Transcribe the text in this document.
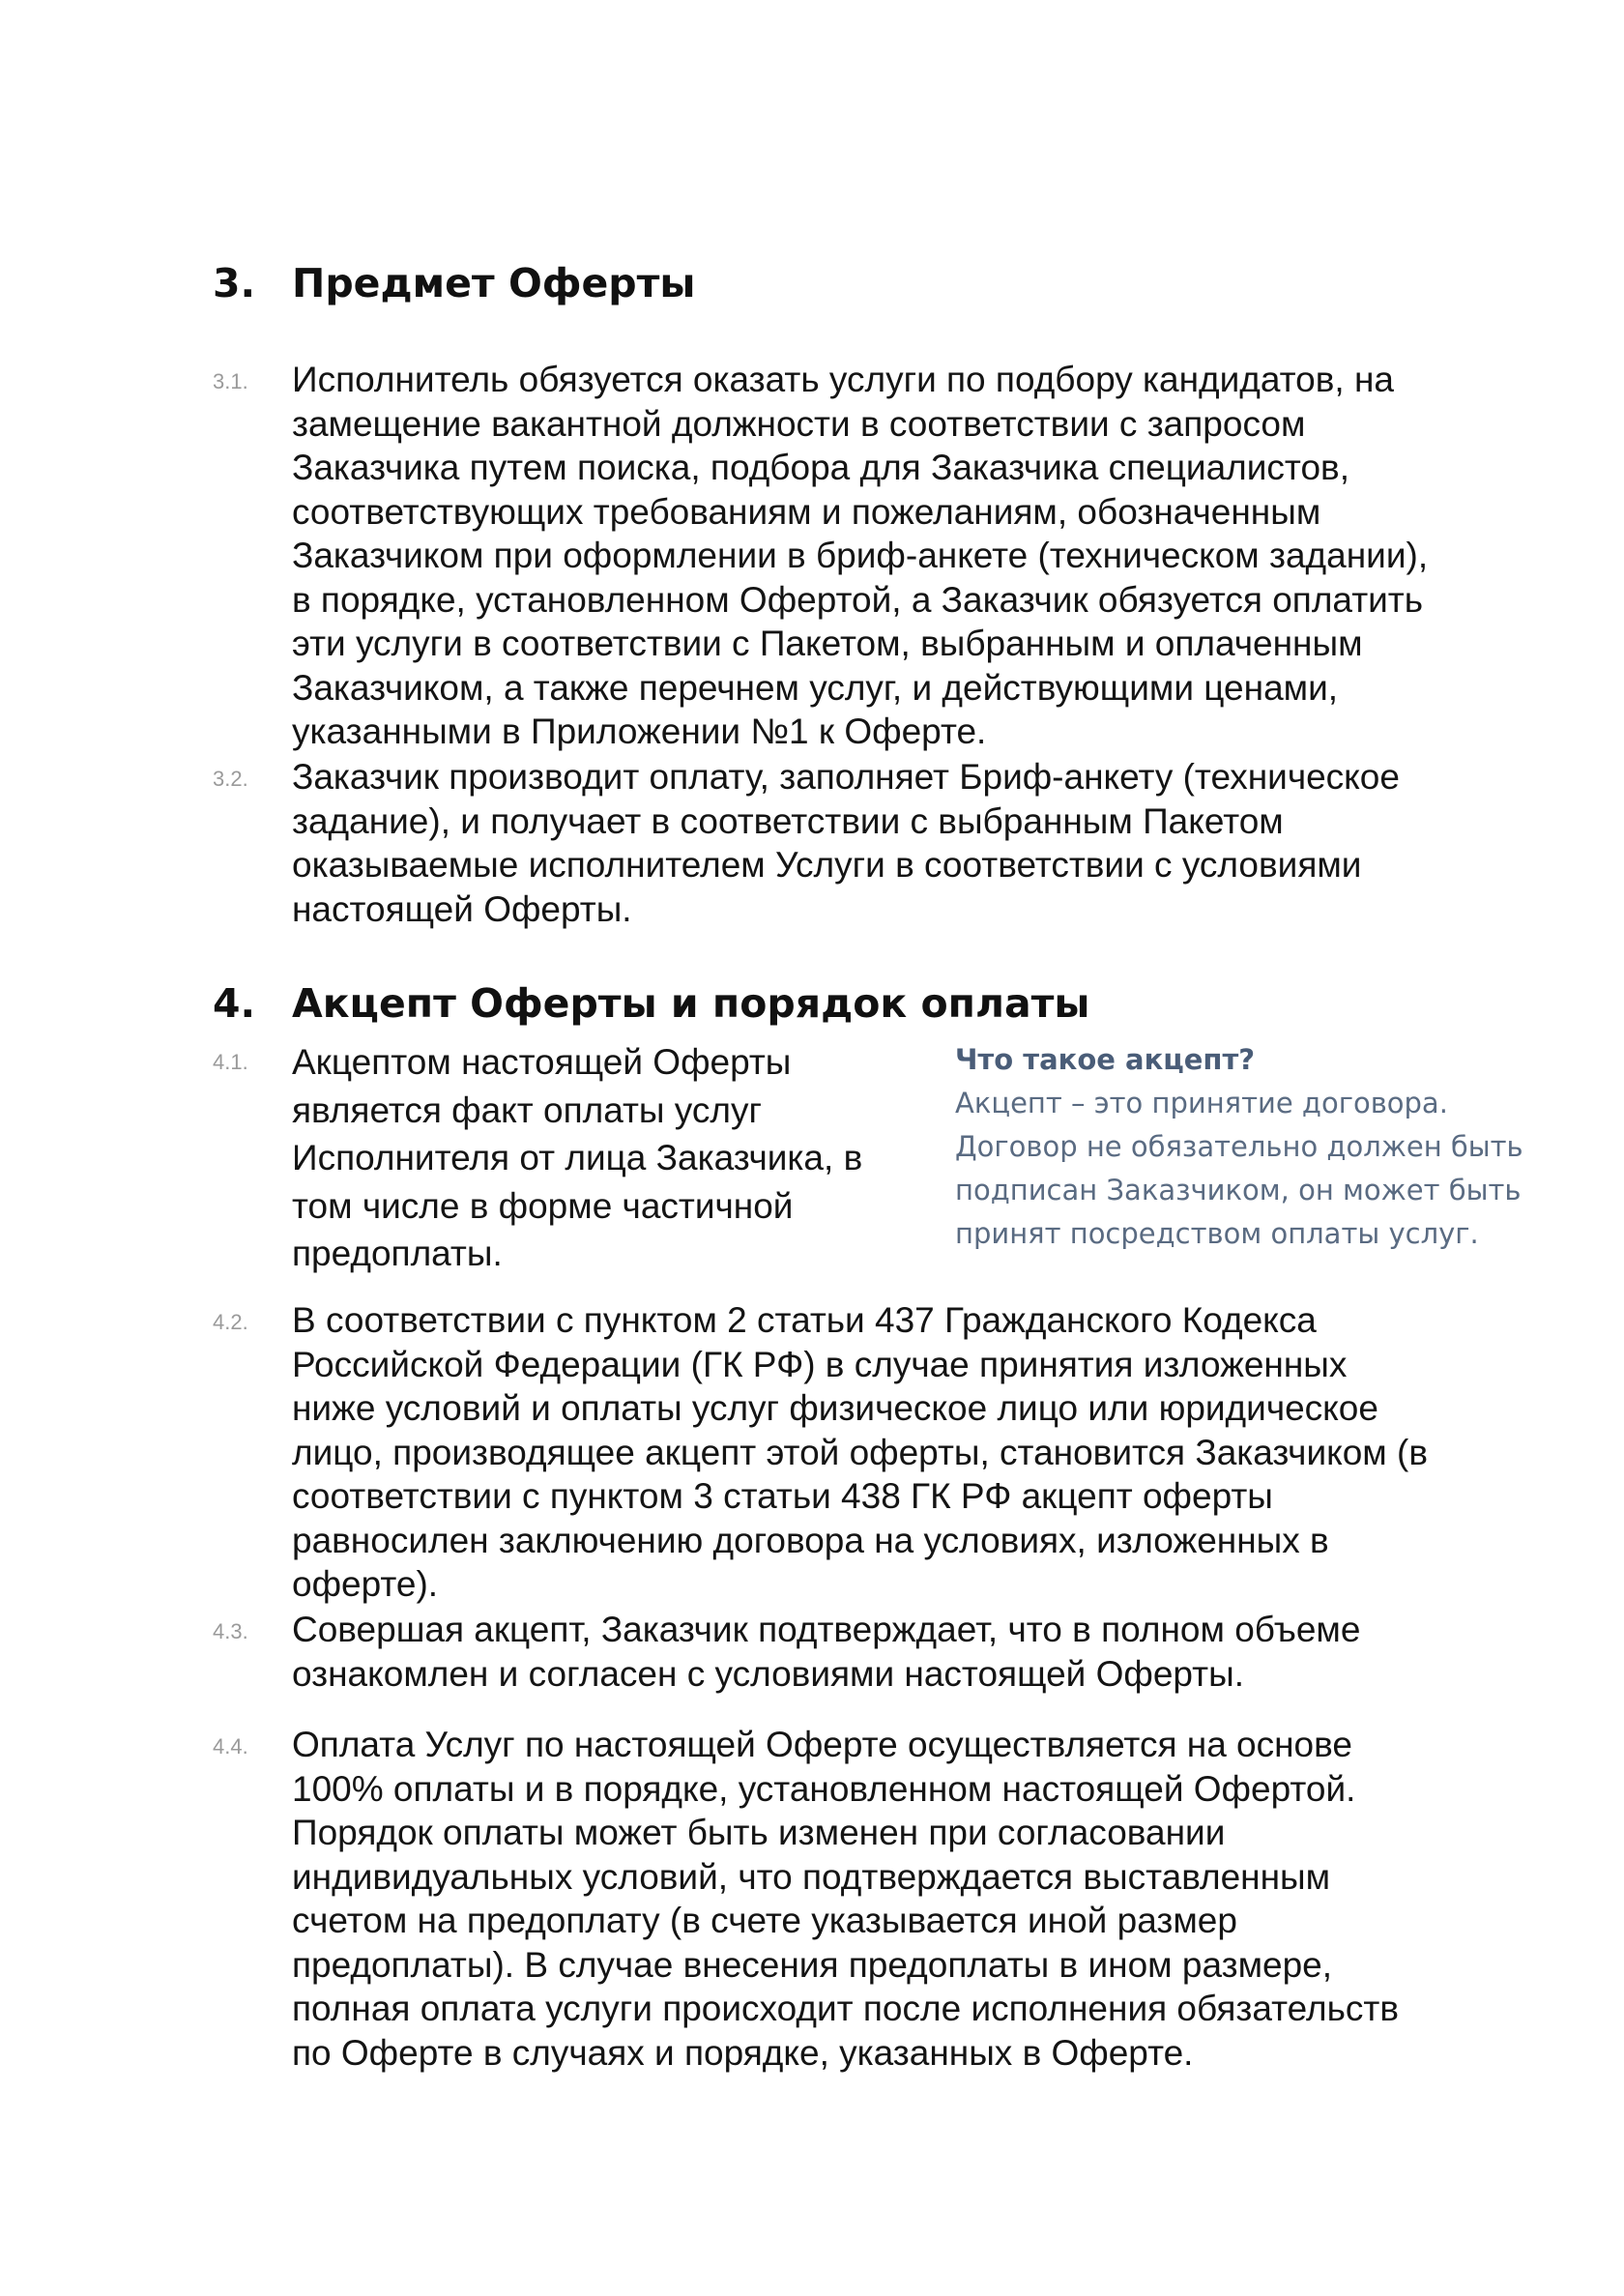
3. Предмет Оферты
3.1. Исполнитель обязуется оказать услуги по подбору кандидатов, на
замещение вакантной должности в соответствии с запросом
Заказчика путем поиска, подбора для Заказчика специалистов,
соответствующих требованиям и пожеланиям, обозначенным
Заказчиком при оформлении в бриф-анкете (техническом задании),
в порядке, установленном Офертой, а Заказчик обязуется оплатить
эти услуги в соответствии с Пакетом, выбранным и оплаченным
Заказчиком, а также перечнем услуг, и действующими ценами,
указанными в Приложении №1 к Оферте.
3.2. Заказчик производит оплату, заполняет Бриф-анкету (техническое
задание), и получает в соответствии с выбранным Пакетом
оказываемые исполнителем Услуги в соответствии с условиями
настоящей Оферты.
4. Акцепт Оферты и порядок оплаты
4.1. Акцептом настоящей Оферты
является факт оплаты услуг
Исполнителя от лица Заказчика, в
том числе в форме частичной
предоплаты.
Что такое акцепт?
Акцепт – это принятие договора.
Договор не обязательно должен быть
подписан Заказчиком, он может быть
принят посредством оплаты услуг.
4.2. В соответствии с пунктом 2 статьи 437 Гражданского Кодекса
Российской Федерации (ГК РФ) в случае принятия изложенных
ниже условий и оплаты услуг физическое лицо или юридическое
лицо, производящее акцепт этой оферты, становится Заказчиком (в
соответствии с пунктом 3 статьи 438 ГК РФ акцепт оферты
равносилен заключению договора на условиях, изложенных в
оферте).
4.3. Совершая акцепт, Заказчик подтверждает, что в полном объеме
ознакомлен и согласен с условиями настоящей Оферты.
4.4. Оплата Услуг по настоящей Оферте осуществляется на основе
100% оплаты и в порядке, установленном настоящей Офертой.
Порядок оплаты может быть изменен при согласовании
индивидуальных условий, что подтверждается выставленным
счетом на предоплату (в счете указывается иной размер
предоплаты). В случае внесения предоплаты в ином размере,
полная оплата услуги происходит после исполнения обязательств
по Оферте в случаях и порядке, указанных в Оферте.
